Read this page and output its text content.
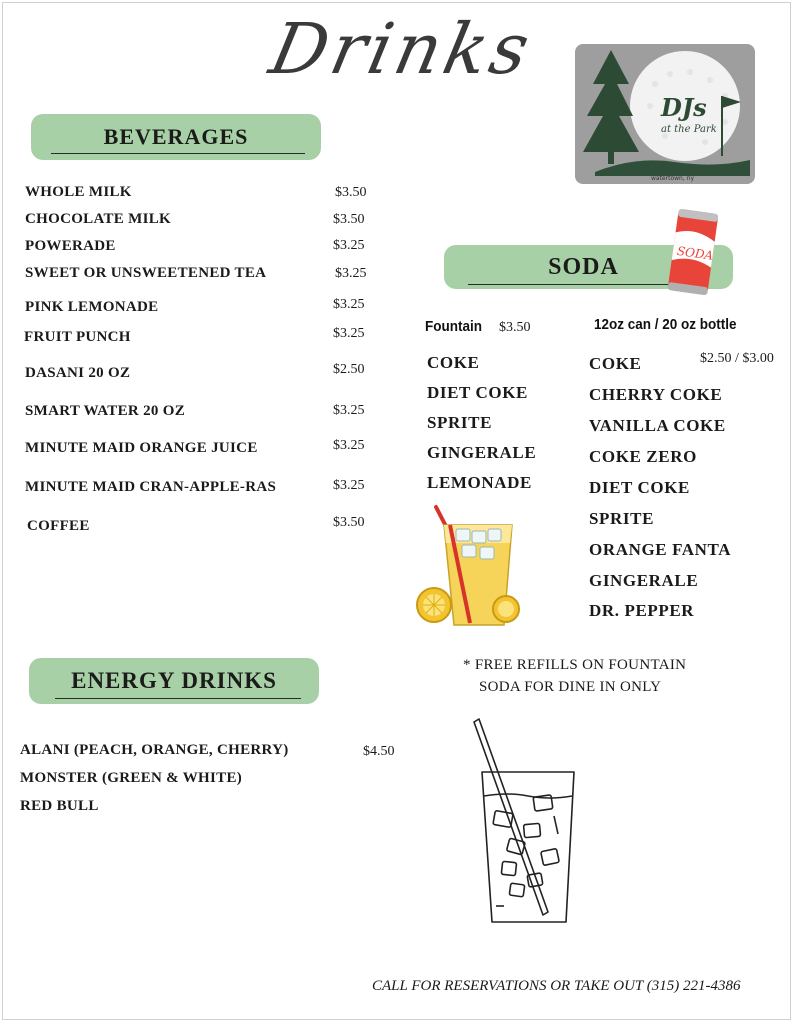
Drinks
DJs
at the Park
watertown, ny
BEVERAGES
WHOLE MILK	$3.50
CHOCOLATE MILK	$3.50
POWERADE	$3.25
SWEET OR UNSWEETENED TEA	$3.25
PINK LEMONADE	$3.25
FRUIT PUNCH	$3.25
DASANI 20 OZ	$2.50
SMART WATER 20 OZ	$3.25
MINUTE MAID ORANGE JUICE	$3.25
MINUTE MAID CRAN-APPLE-RAS	$3.25
COFFEE	$3.50
SODA
SODA
Fountain $3.50	12oz can / 20 oz bottle
$2.50 / $3.00
COKE
DIET COKE
SPRITE
GINGERALE
LEMONADE
COKE
CHERRY COKE
VANILLA COKE
COKE ZERO
DIET COKE
SPRITE
ORANGE FANTA
GINGERALE
DR. PEPPER
* FREE REFILLS ON FOUNTAIN
SODA FOR DINE IN ONLY
ENERGY DRINKS
ALANI (PEACH, ORANGE, CHERRY)	$4.50
MONSTER (GREEN & WHITE)
RED BULL
CALL FOR RESERVATIONS OR TAKE OUT (315) 221-4386
